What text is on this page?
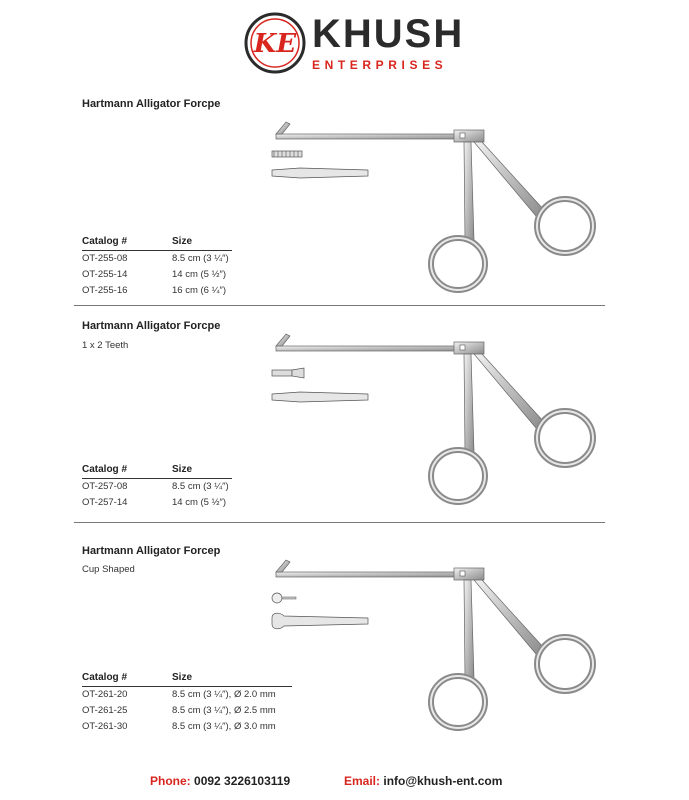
KE KHUSH
ENTERPRISES
Hartmann Alligator Forcpe
Catalog #	Size
OT-255-08	8.5 cm (3 ¼″)
OT-255-14	14 cm (5 ½″)
OT-255-16	16 cm (6 ¼″)
Hartmann Alligator Forcpe
1 x 2 Teeth
Catalog #	Size
OT-257-08	8.5 cm (3 ¼″)
OT-257-14	14 cm (5 ½″)
Hartmann Alligator Forcep
Cup Shaped
Catalog #	Size
OT-261-20	8.5 cm (3 ¼″), Ø 2.0 mm
OT-261-25	8.5 cm (3 ¼″), Ø 2.5 mm
OT-261-30	8.5 cm (3 ¼″), Ø 3.0 mm
Phone: 0092 3226103119	Email: info@khush-ent.com
